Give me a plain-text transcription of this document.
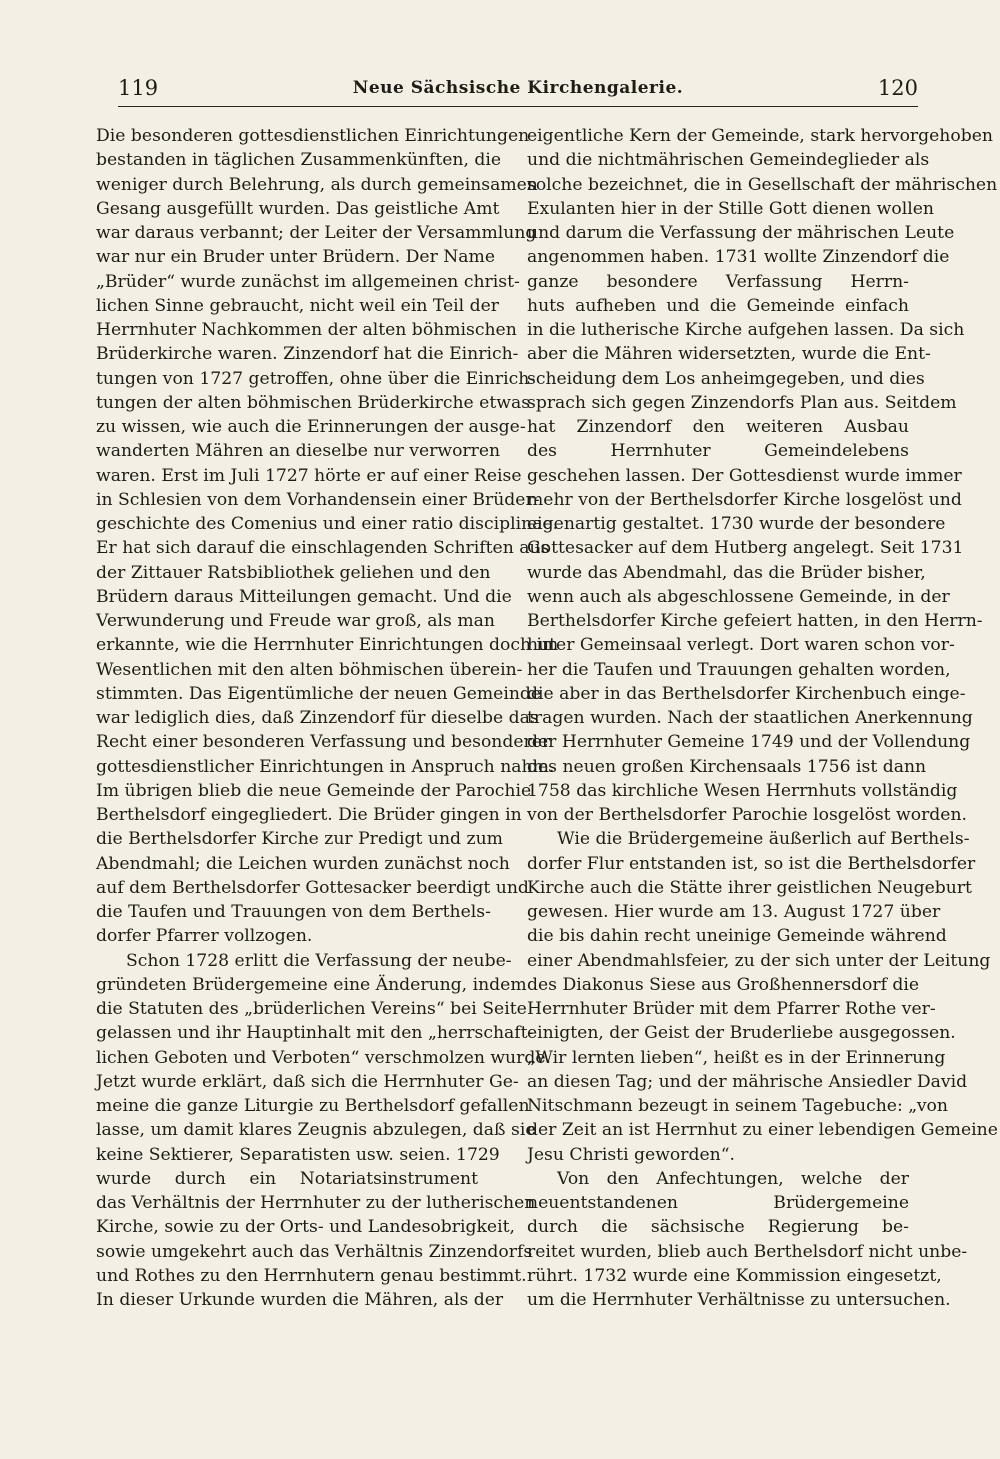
119	Neue Sächsische Kirchengalerie.	120
Die besonderen gottesdienstlichen Einrichtungen
bestanden in täglichen Zusammenkünften, die
weniger durch Belehrung, als durch gemeinsamen
Gesang ausgefüllt wurden. Das geistliche Amt
war daraus verbannt; der Leiter der Versammlung
war nur ein Bruder unter Brüdern. Der Name
„Brüder“ wurde zunächst im allgemeinen christ-
lichen Sinne gebraucht, nicht weil ein Teil der
Herrnhuter Nachkommen der alten böhmischen
Brüderkirche waren. Zinzendorf hat die Einrich-
tungen von 1727 getroffen, ohne über die Einrich-
tungen der alten böhmischen Brüderkirche etwas
zu wissen, wie auch die Erinnerungen der ausge-
wanderten Mähren an dieselbe nur verworren
waren. Erst im Juli 1727 hörte er auf einer Reise
in Schlesien von dem Vorhandensein einer Brüder-
geschichte des Comenius und einer ratio disciplinae.
Er hat sich darauf die einschlagenden Schriften aus
der Zittauer Ratsbibliothek geliehen und den
Brüdern daraus Mitteilungen gemacht. Und die
Verwunderung und Freude war groß, als man
erkannte, wie die Herrnhuter Einrichtungen doch im
Wesentlichen mit den alten böhmischen überein-
stimmten. Das Eigentümliche der neuen Gemeinde
war lediglich dies, daß Zinzendorf für dieselbe das
Recht einer besonderen Verfassung und besonderer
gottesdienstlicher Einrichtungen in Anspruch nahm.
Im übrigen blieb die neue Gemeinde der Parochie
Berthelsdorf eingegliedert. Die Brüder gingen in
die Berthelsdorfer Kirche zur Predigt und zum
Abendmahl; die Leichen wurden zunächst noch
auf dem Berthelsdorfer Gottesacker beerdigt und
die Taufen und Trauungen von dem Berthels-
dorfer Pfarrer vollzogen.
Schon 1728 erlitt die Verfassung der neube-
gründeten Brüdergemeine eine Änderung, indem
die Statuten des „brüderlichen Vereins“ bei Seite
gelassen und ihr Hauptinhalt mit den „herrschaft-
lichen Geboten und Verboten“ verschmolzen wurde.
Jetzt wurde erklärt, daß sich die Herrnhuter Ge-
meine die ganze Liturgie zu Berthelsdorf gefallen
lasse, um damit klares Zeugnis abzulegen, daß sie
keine Sektierer, Separatisten usw. seien. 1729
wurde durch ein Notariatsinstrument
das Verhältnis der Herrnhuter zu der lutherischen
Kirche, sowie zu der Orts- und Landesobrigkeit,
sowie umgekehrt auch das Verhältnis Zinzendorfs
und Rothes zu den Herrnhutern genau bestimmt.
In dieser Urkunde wurden die Mähren, als der
eigentliche Kern der Gemeinde, stark hervorgehoben
und die nichtmährischen Gemeindeglieder als
solche bezeichnet, die in Gesellschaft der mährischen
Exulanten hier in der Stille Gott dienen wollen
und darum die Verfassung der mährischen Leute
angenommen haben. 1731 wollte Zinzendorf die
ganze besondere Verfassung Herrn-
huts aufheben und die Gemeinde einfach
in die lutherische Kirche aufgehen lassen. Da sich
aber die Mähren widersetzten, wurde die Ent-
scheidung dem Los anheimgegeben, und dies
sprach sich gegen Zinzendorfs Plan aus. Seitdem
hat Zinzendorf den weiteren Ausbau
des Herrnhuter Gemeindelebens
geschehen lassen. Der Gottesdienst wurde immer
mehr von der Berthelsdorfer Kirche losgelöst und
eigenartig gestaltet. 1730 wurde der besondere
Gottesacker auf dem Hutberg angelegt. Seit 1731
wurde das Abendmahl, das die Brüder bisher,
wenn auch als abgeschlossene Gemeinde, in der
Berthelsdorfer Kirche gefeiert hatten, in den Herrn-
huter Gemeinsaal verlegt. Dort waren schon vor-
her die Taufen und Trauungen gehalten worden,
die aber in das Berthelsdorfer Kirchenbuch einge-
tragen wurden. Nach der staatlichen Anerkennung
der Herrnhuter Gemeine 1749 und der Vollendung
des neuen großen Kirchensaals 1756 ist dann
1758 das kirchliche Wesen Herrnhuts vollständig
von der Berthelsdorfer Parochie losgelöst worden.
Wie die Brüdergemeine äußerlich auf Berthels-
dorfer Flur entstanden ist, so ist die Berthelsdorfer
Kirche auch die Stätte ihrer geistlichen Neugeburt
gewesen. Hier wurde am 13. August 1727 über
die bis dahin recht uneinige Gemeinde während
einer Abendmahlsfeier, zu der sich unter der Leitung
des Diakonus Siese aus Großhennersdorf die
Herrnhuter Brüder mit dem Pfarrer Rothe ver-
einigten, der Geist der Bruderliebe ausgegossen.
„Wir lernten lieben“, heißt es in der Erinnerung
an diesen Tag; und der mährische Ansiedler David
Nitschmann bezeugt in seinem Tagebuche: „von
der Zeit an ist Herrnhut zu einer lebendigen Gemeine
Jesu Christi geworden“.
Von den Anfechtungen, welche der
neuentstandenen Brüdergemeine
durch die sächsische Regierung be-
reitet wurden, blieb auch Berthelsdorf nicht unbe-
rührt. 1732 wurde eine Kommission eingesetzt,
um die Herrnhuter Verhältnisse zu untersuchen.
